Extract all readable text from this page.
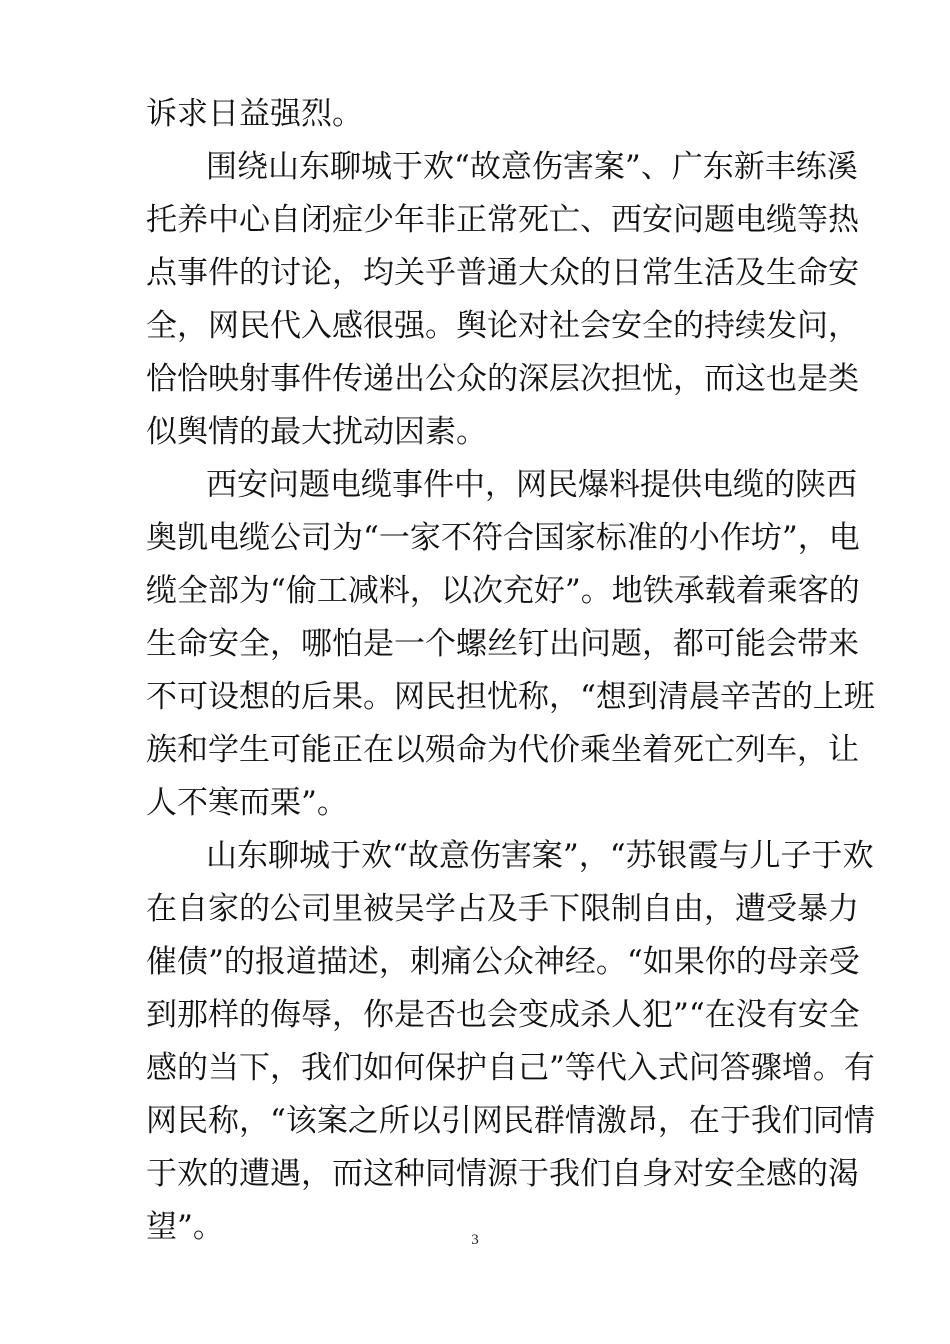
诉求日益强烈。
围绕山东聊城于欢“故意伤害案”、广东新丰练溪
托养中心自闭症少年非正常死亡、西安问题电缆等热
点事件的讨论，均关乎普通大众的日常生活及生命安
全，网民代入感很强。舆论对社会安全的持续发问，
恰恰映射事件传递出公众的深层次担忧，而这也是类
似舆情的最大扰动因素。
西安问题电缆事件中，网民爆料提供电缆的陕西
奥凯电缆公司为“一家不符合国家标准的小作坊”，电
缆全部为“偷工减料，以次充好”。地铁承载着乘客的
生命安全，哪怕是一个螺丝钉出问题，都可能会带来
不可设想的后果。网民担忧称，“想到清晨辛苦的上班
族和学生可能正在以殒命为代价乘坐着死亡列车，让
人不寒而栗”。
山东聊城于欢“故意伤害案”，“苏银霞与儿子于欢
在自家的公司里被吴学占及手下限制自由，遭受暴力
催债”的报道描述，刺痛公众神经。“如果你的母亲受
到那样的侮辱，你是否也会变成杀人犯”“在没有安全
感的当下，我们如何保护自己”等代入式问答骤增。有
网民称，“该案之所以引网民群情激昂，在于我们同情
于欢的遭遇，而这种同情源于我们自身对安全感的渴
望”。	3
